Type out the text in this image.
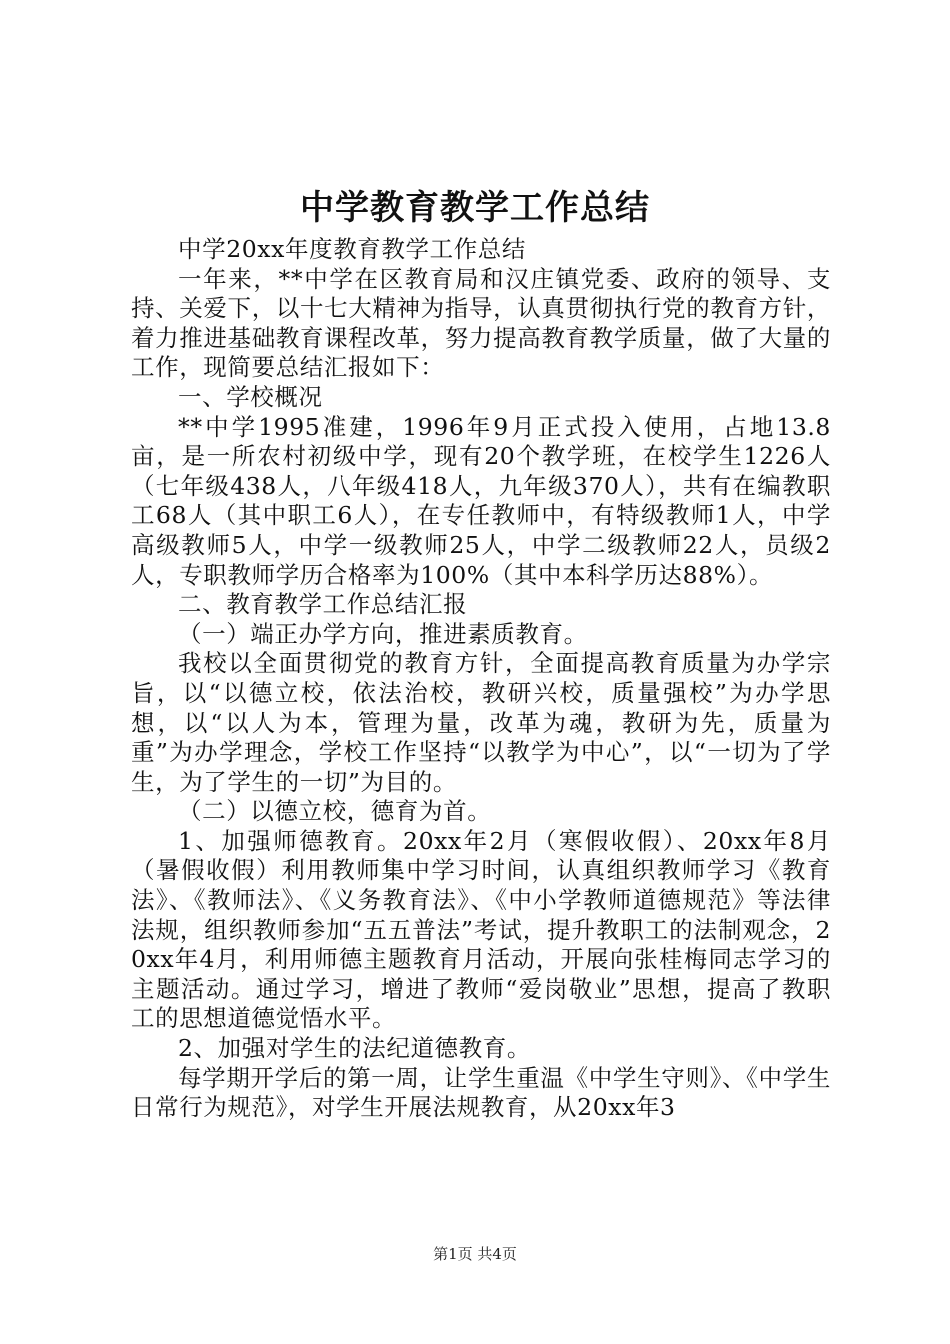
中学教育教学工作总结

中学20xx年度教育教学工作总结

一年来，**中学在区教育局和汉庄镇党委、政府的领导、支持、关爱下，以十七大精神为指导，认真贯彻执行党的教育方针，着力推进基础教育课程改革，努力提高教育教学质量，做了大量的工作，现简要总结汇报如下：

一、学校概况

**中学1995准建，1996年9月正式投入使用，占地13.8亩，是一所农村初级中学，现有20个教学班，在校学生1226人（七年级438人，八年级418人，九年级370人），共有在编教职工68人（其中职工6人），在专任教师中，有特级教师1人，中学高级教师5人，中学一级教师25人，中学二级教师22人，员级2人，专职教师学历合格率为100%（其中本科学历达88%）。

二、教育教学工作总结汇报

（一）端正办学方向，推进素质教育。

我校以全面贯彻党的教育方针，全面提高教育质量为办学宗旨，以“以德立校，依法治校，教研兴校，质量强校”为办学思想，以“以人为本，管理为量，改革为魂，教研为先，质量为重”为办学理念，学校工作坚持“以教学为中心”，以“一切为了学生，为了学生的一切”为目的。

（二）以德立校，德育为首。

1、加强师德教育。20xx年2月（寒假收假）、20xx年8月（暑假收假）利用教师集中学习时间，认真组织教师学习《教育法》、《教师法》、《义务教育法》、《中小学教师道德规范》等法律法规，组织教师参加“五五普法”考试，提升教职工的法制观念，20xx年4月，利用师德主题教育月活动，开展向张桂梅同志学习的主题活动。通过学习，增进了教师“爱岗敬业”思想，提高了教职工的思想道德觉悟水平。

2、加强对学生的法纪道德教育。

每学期开学后的第一周，让学生重温《中学生守则》、《中学生日常行为规范》，对学生开展法规教育，从20xx年3

第1页 共4页
